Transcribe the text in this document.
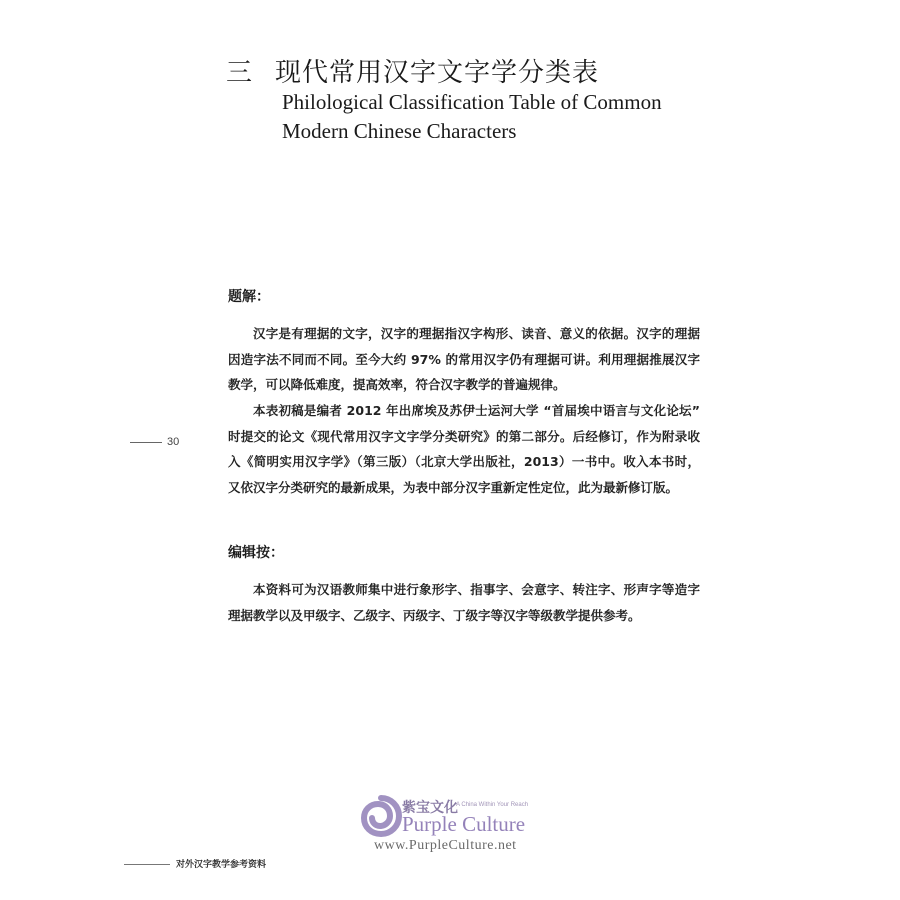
三 现代常用汉字文字学分类表
Philological Classification Table of Common
Modern Chinese Characters
题解：

汉字是有理据的文字，汉字的理据指汉字构形、读音、意义的依据。汉字的理据因造字法不同而不同。至今大约 97% 的常用汉字仍有理据可讲。利用理据推展汉字教学，可以降低难度，提高效率，符合汉字教学的普遍规律。

本表初稿是编者 2012 年出席埃及苏伊士运河大学 “首届埃中语言与文化论坛” 时提交的论文《现代常用汉字文字学分类研究》的第二部分。后经修订，作为附录收入《简明实用汉字学》（第三版）（北京大学出版社，2013）一书中。收入本书时，又依汉字分类研究的最新成果，为表中部分汉字重新定性定位，此为最新修订版。

30
编辑按：

本资料可为汉语教师集中进行象形字、指事字、会意字、转注字、形声字等造字理据教学以及甲级字、乙级字、丙级字、丁级字等汉字等级教学提供参考。

紫宝文化
A China Within Your Reach
Purple Culture
www.PurpleCulture.net
对外汉字教学参考资料
